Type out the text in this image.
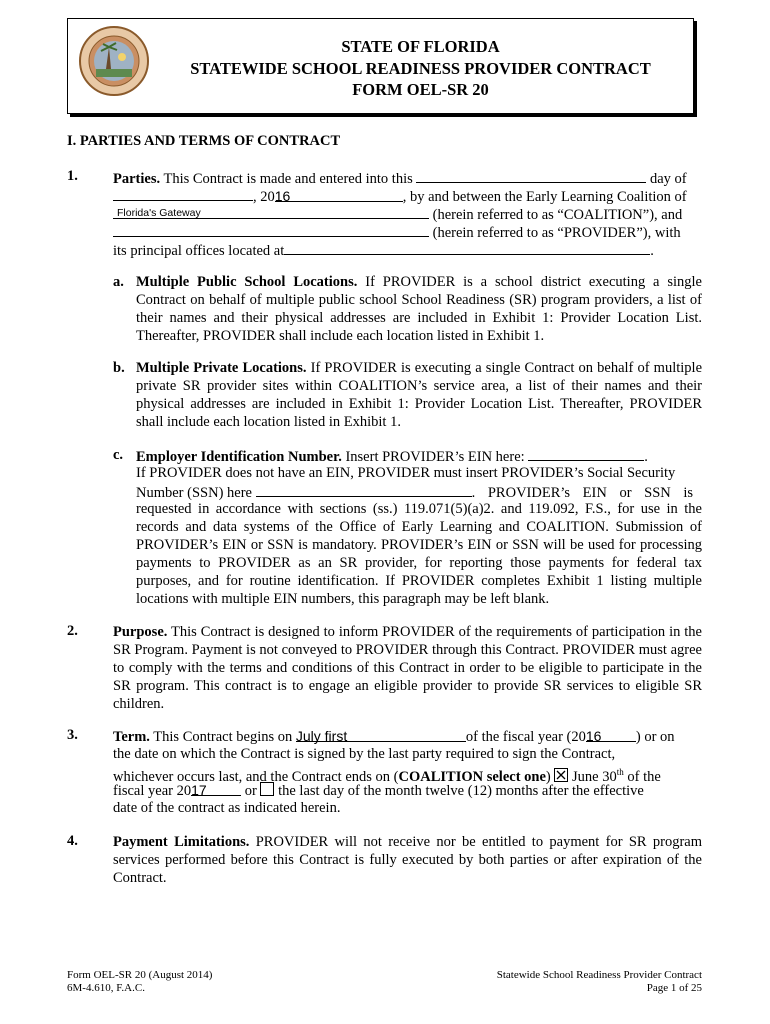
STATE OF FLORIDA
STATEWIDE SCHOOL READINESS PROVIDER CONTRACT
FORM OEL-SR 20
I. PARTIES AND TERMS OF CONTRACT
1. Parties. This Contract is made and entered into this	day of
, 2016	, by and between the Early Learning Coalition of
Florida's Gateway	(herein referred to as “COALITION”), and
(herein referred to as “PROVIDER”), with
its principal offices located at	.
a. Multiple Public School Locations. If PROVIDER is a school district executing a single Contract on behalf of multiple public school School Readiness (SR) program providers, a list of their names and their physical addresses are included in Exhibit 1: Provider Location List. Thereafter, PROVIDER shall include each location listed in Exhibit 1.
b. Multiple Private Locations. If PROVIDER is executing a single Contract on behalf of multiple private SR provider sites within COALITION’s service area, a list of their names and their physical addresses are included in Exhibit 1: Provider Location List. Thereafter, PROVIDER shall include each location listed in Exhibit 1.
c. Employer Identification Number. Insert PROVIDER’s EIN here:	.
If PROVIDER does not have an EIN, PROVIDER must insert PROVIDER’s Social Security
Number (SSN) here	. PROVIDER’s EIN or SSN is
requested in accordance with sections (ss.) 119.071(5)(a)2. and 119.092, F.S., for use in the records and data systems of the Office of Early Learning and COALITION. Submission of PROVIDER’s EIN or SSN is mandatory. PROVIDER’s EIN or SSN will be used for processing payments to PROVIDER as an SR provider, for reporting those payments for federal tax purposes, and for routine identification. If PROVIDER completes Exhibit 1 listing multiple locations with multiple EIN numbers, this paragraph may be left blank.
2. Purpose. This Contract is designed to inform PROVIDER of the requirements of participation in the SR Program. Payment is not conveyed to PROVIDER through this Contract. PROVIDER must agree to comply with the terms and conditions of this Contract in order to be eligible to participate in the SR program. This contract is to engage an eligible provider to provide SR services to eligible SR children.
3. Term. This Contract begins on July first	of the fiscal year (2016 ) or on
the date on which the Contract is signed by the last party required to sign the Contract,
whichever occurs last, and the Contract ends on (COALITION select one) June 30th of the
fiscal year 2017	or the last day of the month twelve (12) months after the effective
date of the contract as indicated herein.
4. Payment Limitations. PROVIDER will not receive nor be entitled to payment for SR program services performed before this Contract is fully executed by both parties or after expiration of the Contract.
Form OEL-SR 20 (August 2014)
6M-4.610, F.A.C.
Statewide School Readiness Provider Contract
Page 1 of 25
